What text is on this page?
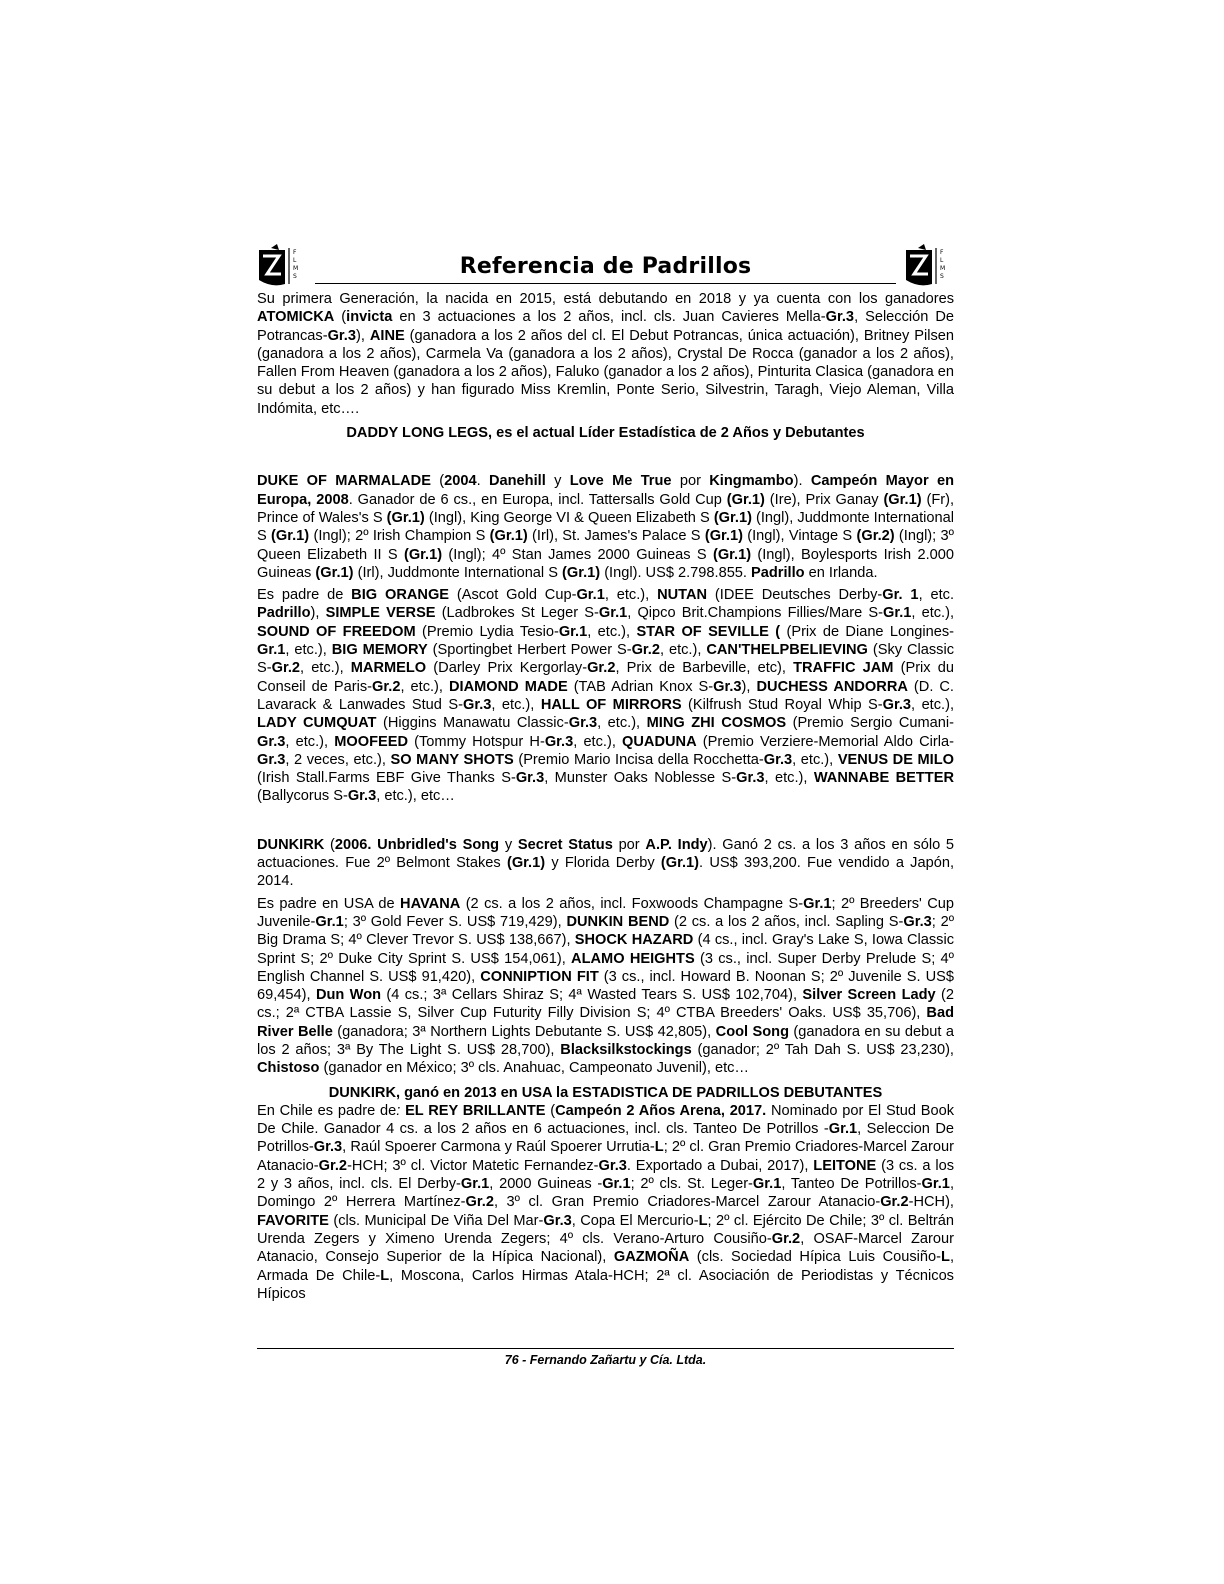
F
L
M
S	Referencia de Padrillos
F
L
M
S

Su primera Generación, la nacida en 2015, está debutando en 2018 y ya cuenta con los ganadores ATOMICKA (invicta en 3 actuaciones a los 2 años, incl. cls. Juan Cavieres Mella-Gr.3, Selección De Potrancas-Gr.3), AINE (ganadora a los 2 años del cl. El Debut Potrancas, única actuación), Britney Pilsen (ganadora a los 2 años), Carmela Va (ganadora a los 2 años), Crystal De Rocca (ganador a los 2 años), Fallen From Heaven (ganadora a los 2 años), Faluko (ganador a los 2 años), Pinturita Clasica (ganadora en su debut a los 2 años) y han figurado Miss Kremlin, Ponte Serio, Silvestrin, Taragh, Viejo Aleman, Villa Indómita, etc….

DADDY LONG LEGS, es el actual Líder Estadística de 2 Años y Debutantes

DUKE OF MARMALADE (2004. Danehill y Love Me True por Kingmambo). Campeón Mayor en Europa, 2008. Ganador de 6 cs., en Europa, incl. Tattersalls Gold Cup (Gr.1) (Ire), Prix Ganay (Gr.1) (Fr), Prince of Wales's S (Gr.1) (Ingl), King George VI & Queen Elizabeth S (Gr.1) (Ingl), Juddmonte International S (Gr.1) (Ingl); 2º Irish Champion S (Gr.1) (Irl), St. James's Palace S (Gr.1) (Ingl), Vintage S (Gr.2) (Ingl); 3º Queen Elizabeth II S (Gr.1) (Ingl); 4º Stan James 2000 Guineas S (Gr.1) (Ingl), Boylesports Irish 2.000 Guineas (Gr.1) (Irl), Juddmonte International S (Gr.1) (Ingl). US$ 2.798.855. Padrillo en Irlanda.

Es padre de BIG ORANGE (Ascot Gold Cup-Gr.1, etc.), NUTAN (IDEE Deutsches Derby-Gr. 1, etc. Padrillo), SIMPLE VERSE (Ladbrokes St Leger S-Gr.1, Qipco Brit.Champions Fillies/Mare S-Gr.1, etc.), SOUND OF FREEDOM (Premio Lydia Tesio-Gr.1, etc.), STAR OF SEVILLE ( (Prix de Diane Longines-Gr.1, etc.), BIG MEMORY (Sportingbet Herbert Power S-Gr.2, etc.), CAN'THELPBELIEVING (Sky Classic S-Gr.2, etc.), MARMELO (Darley Prix Kergorlay-Gr.2, Prix de Barbeville, etc), TRAFFIC JAM (Prix du Conseil de Paris-Gr.2, etc.), DIAMOND MADE (TAB Adrian Knox S-Gr.3), DUCHESS ANDORRA (D. C. Lavarack & Lanwades Stud S-Gr.3, etc.), HALL OF MIRRORS (Kilfrush Stud Royal Whip S-Gr.3, etc.), LADY CUMQUAT (Higgins Manawatu Classic-Gr.3, etc.), MING ZHI COSMOS (Premio Sergio Cumani-Gr.3, etc.), MOOFEED (Tommy Hotspur H-Gr.3, etc.), QUADUNA (Premio Verziere-Memorial Aldo Cirla-Gr.3, 2 veces, etc.), SO MANY SHOTS (Premio Mario Incisa della Rocchetta-Gr.3, etc.), VENUS DE MILO (Irish Stall.Farms EBF Give Thanks S-Gr.3, Munster Oaks Noblesse S-Gr.3, etc.), WANNABE BETTER (Ballycorus S-Gr.3, etc.), etc…

DUNKIRK (2006. Unbridled's Song y Secret Status por A.P. Indy). Ganó 2 cs. a los 3 años en sólo 5 actuaciones. Fue 2º Belmont Stakes (Gr.1) y Florida Derby (Gr.1). US$ 393,200. Fue vendido a Japón, 2014.

Es padre en USA de HAVANA (2 cs. a los 2 años, incl. Foxwoods Champagne S-Gr.1; 2º Breeders' Cup Juvenile-Gr.1; 3º Gold Fever S. US$ 719,429), DUNKIN BEND (2 cs. a los 2 años, incl. Sapling S-Gr.3; 2º Big Drama S; 4º Clever Trevor S. US$ 138,667), SHOCK HAZARD (4 cs., incl. Gray's Lake S, Iowa Classic Sprint S; 2º Duke City Sprint S. US$ 154,061), ALAMO HEIGHTS (3 cs., incl. Super Derby Prelude S; 4º English Channel S. US$ 91,420), CONNIPTION FIT (3 cs., incl. Howard B. Noonan S; 2º Juvenile S. US$ 69,454), Dun Won (4 cs.; 3ª Cellars Shiraz S; 4ª Wasted Tears S. US$ 102,704), Silver Screen Lady (2 cs.; 2ª CTBA Lassie S, Silver Cup Futurity Filly Division S; 4º CTBA Breeders' Oaks. US$ 35,706), Bad River Belle (ganadora; 3ª Northern Lights Debutante S. US$ 42,805), Cool Song (ganadora en su debut a los 2 años; 3ª By The Light S. US$ 28,700), Blacksilkstockings (ganador; 2º Tah Dah S. US$ 23,230), Chistoso (ganador en México; 3º cls. Anahuac, Campeonato Juvenil), etc…

DUNKIRK, ganó en 2013 en USA la ESTADISTICA DE PADRILLOS DEBUTANTES

En Chile es padre de: EL REY BRILLANTE (Campeón 2 Años Arena, 2017. Nominado por El Stud Book De Chile. Ganador 4 cs. a los 2 años en 6 actuaciones, incl. cls. Tanteo De Potrillos -Gr.1, Seleccion De Potrillos-Gr.3, Raúl Spoerer Carmona y Raúl Spoerer Urrutia-L; 2º cl. Gran Premio Criadores-Marcel Zarour Atanacio-Gr.2-HCH; 3º cl. Victor Matetic Fernandez-Gr.3. Exportado a Dubai, 2017), LEITONE (3 cs. a los 2 y 3 años, incl. cls. El Derby-Gr.1, 2000 Guineas -Gr.1; 2º cls. St. Leger-Gr.1, Tanteo De Potrillos-Gr.1, Domingo 2º Herrera Martínez-Gr.2, 3º cl. Gran Premio Criadores-Marcel Zarour Atanacio-Gr.2-HCH), FAVORITE (cls. Municipal De Viña Del Mar-Gr.3, Copa El Mercurio-L; 2º cl. Ejército De Chile; 3º cl. Beltrán Urenda Zegers y Ximeno Urenda Zegers; 4º cls. Verano-Arturo Cousiño-Gr.2, OSAF-Marcel Zarour Atanacio, Consejo Superior de la Hípica Nacional), GAZMOÑA (cls. Sociedad Hípica Luis Cousiño-L, Armada De Chile-L, Moscona, Carlos Hirmas Atala-HCH; 2ª cl. Asociación de Periodistas y Técnicos Hípicos

76 - Fernando Zañartu y Cía. Ltda.
